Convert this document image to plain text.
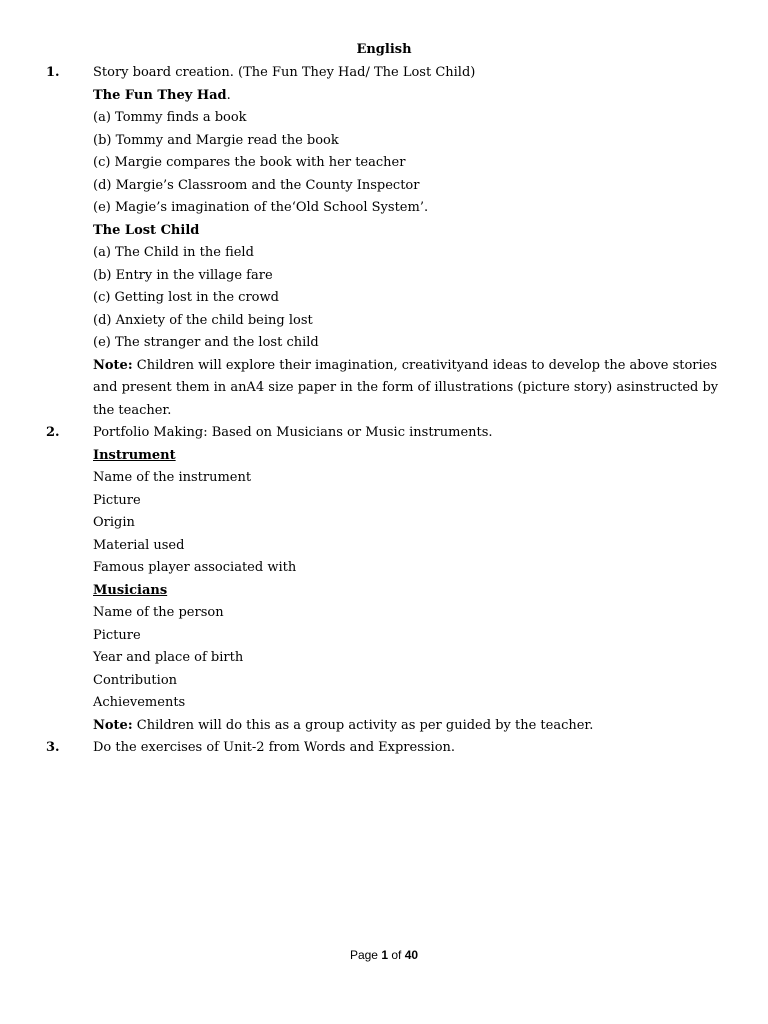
English
1.	Story board creation. (The Fun They Had/ The Lost Child)
The Fun They Had.
(a) Tommy finds a book
(b) Tommy and Margie read the book
(c) Margie compares the book with her teacher
(d) Margie’s Classroom and the County Inspector
(e) Magie’s imagination of the‘Old School System’.
The Lost Child
(a) The Child in the field
(b) Entry in the village fare
(c) Getting lost in the crowd
(d) Anxiety of the child being lost
(e) The stranger and the lost child
Note: Children will explore their imagination, creativityand ideas to develop the above stories
and present them in anA4 size paper in the form of illustrations (picture story) asinstructed by
the teacher.
2.	Portfolio Making: Based on Musicians or Music instruments.
Instrument
Name of the instrument
Picture
Origin
Material used
Famous player associated with
Musicians
Name of the person
Picture
Year and place of birth
Contribution
Achievements
Note: Children will do this as a group activity as per guided by the teacher.
3.	Do the exercises of Unit-2 from Words and Expression.
Page 1 of 40
